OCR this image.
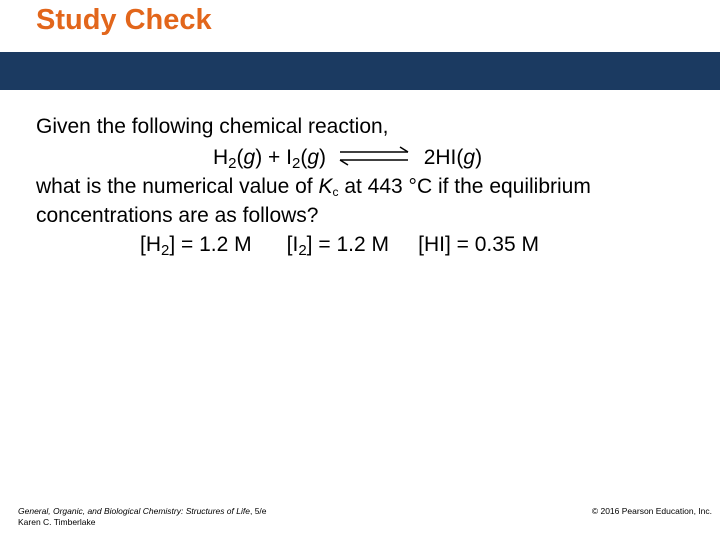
Study Check
Given the following chemical reaction,
$H_2(g) + I_2(g)$	2HI(g)
what is the numerical value of $K_c$ at 443 °C if the equilibrium
concentrations are as follows?
$[H_2] = 1.2$ M $[I_2] = 1.2$ M [HI] = 0.35 M
General, Organic, and Biological Chemistry: Structures of Life, 5/e
Karen C. Timberlake
© 2016 Pearson Education, Inc.
